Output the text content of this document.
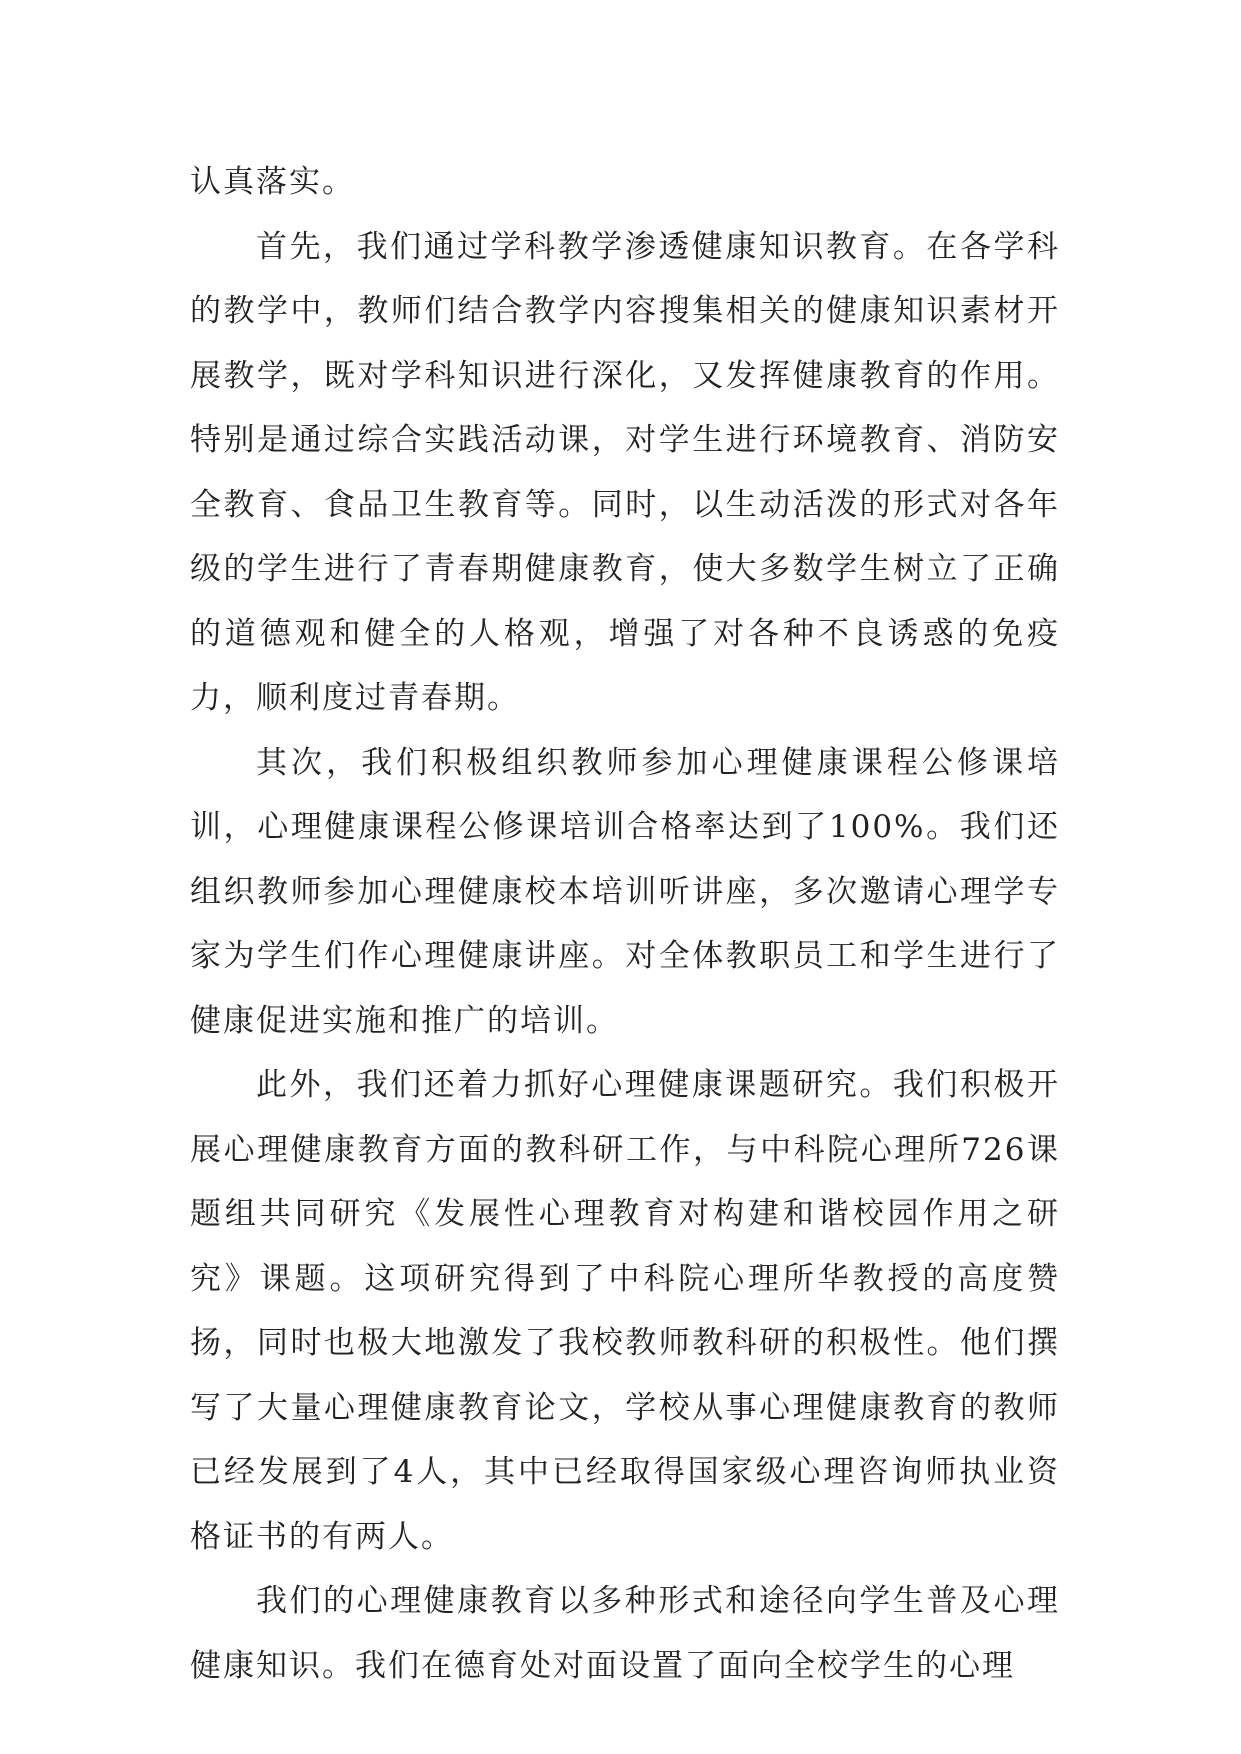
认真落实。

首先，我们通过学科教学渗透健康知识教育。在各学科的教学中，教师们结合教学内容搜集相关的健康知识素材开展教学，既对学科知识进行深化，又发挥健康教育的作用。特别是通过综合实践活动课，对学生进行环境教育、消防安全教育、食品卫生教育等。同时，以生动活泼的形式对各年级的学生进行了青春期健康教育，使大多数学生树立了正确的道德观和健全的人格观，增强了对各种不良诱惑的免疫力，顺利度过青春期。

其次，我们积极组织教师参加心理健康课程公修课培训，心理健康课程公修课培训合格率达到了100%。我们还组织教师参加心理健康校本培训听讲座，多次邀请心理学专家为学生们作心理健康讲座。对全体教职员工和学生进行了健康促进实施和推广的培训。

此外，我们还着力抓好心理健康课题研究。我们积极开展心理健康教育方面的教科研工作，与中科院心理所726课题组共同研究《发展性心理教育对构建和谐校园作用之研究》课题。这项研究得到了中科院心理所华教授的高度赞扬，同时也极大地激发了我校教师教科研的积极性。他们撰写了大量心理健康教育论文，学校从事心理健康教育的教师已经发展到了4人，其中已经取得国家级心理咨询师执业资格证书的有两人。

我们的心理健康教育以多种形式和途径向学生普及心理健康知识。我们在德育处对面设置了面向全校学生的心理
